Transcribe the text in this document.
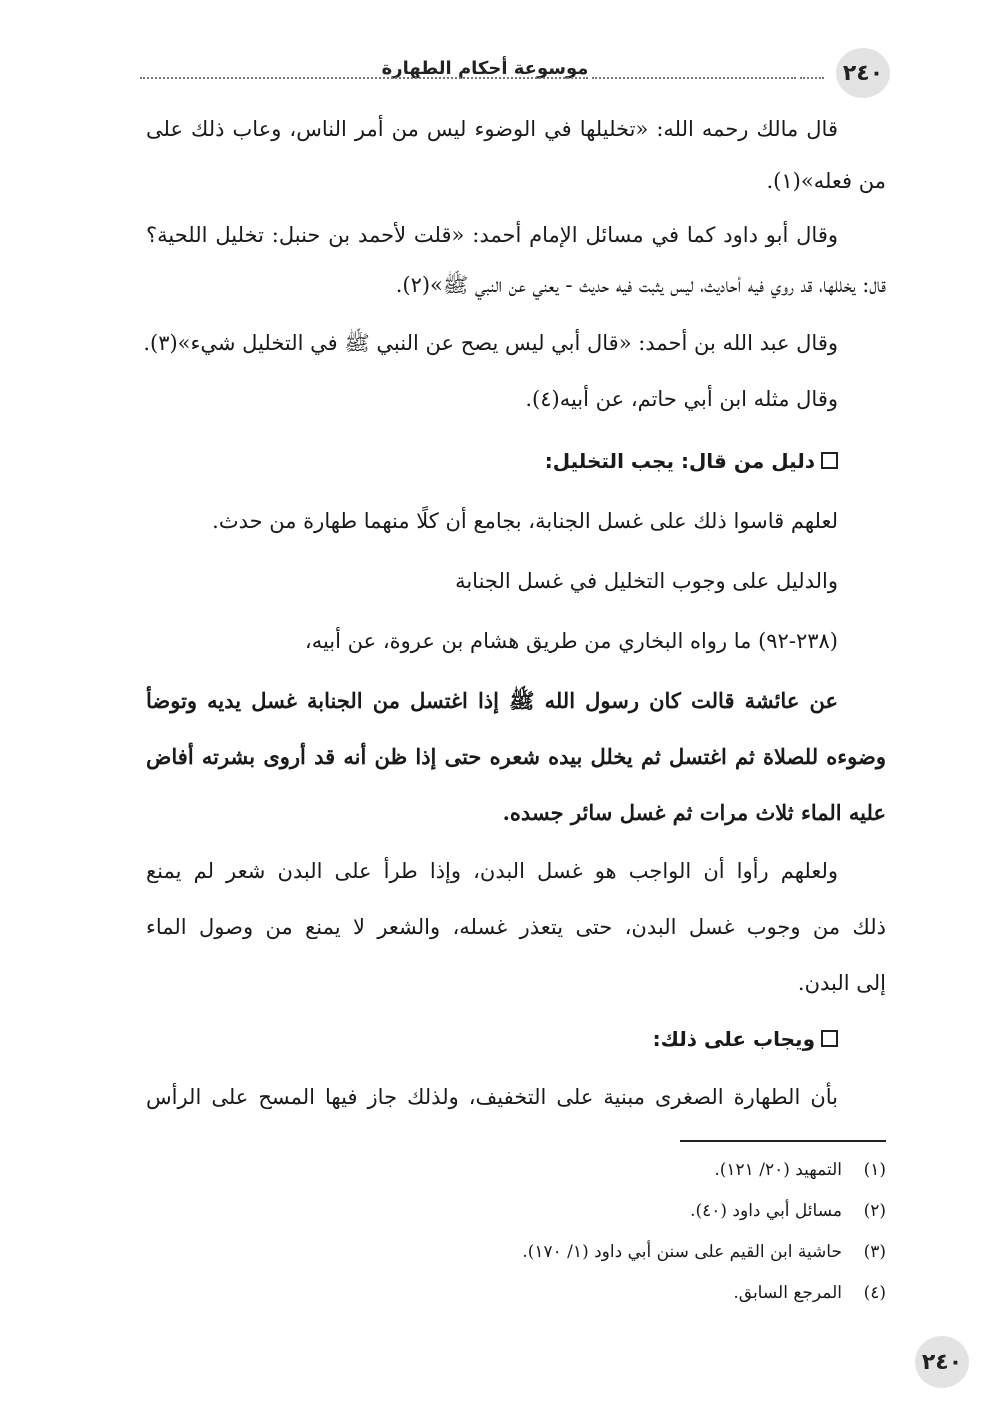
٢٤٠
موسوعة أحكام الطهارة
قال مالك رحمه الله: «تخليلها في الوضوء ليس من أمر الناس، وعاب ذلك على
من فعله»(١).
وقال أبو داود كما في مسائل الإمام أحمد: «قلت لأحمد بن حنبل: تخليل اللحية؟
قال: يخللها، قد روي فيه أحاديث، ليس يثبت فيه حديث - يعني عن النبي ﷺ»(٢).
وقال عبد الله بن أحمد: «قال أبي ليس يصح عن النبي ﷺ في التخليل شيء»(٣).
وقال مثله ابن أبي حاتم، عن أبيه(٤).
دليل من قال: يجب التخليل:
لعلهم قاسوا ذلك على غسل الجنابة، بجامع أن كلًا منهما طهارة من حدث.
والدليل على وجوب التخليل في غسل الجنابة
(٢٣٨-٩٢) ما رواه البخاري من طريق هشام بن عروة، عن أبيه،
عن عائشة قالت كان رسول الله ﷺ إذا اغتسل من الجنابة غسل يديه وتوضأ
وضوءه للصلاة ثم اغتسل ثم يخلل بيده شعره حتى إذا ظن أنه قد أروى بشرته أفاض
عليه الماء ثلاث مرات ثم غسل سائر جسده.
ولعلهم رأوا أن الواجب هو غسل البدن، وإذا طرأ على البدن شعر لم يمنع
ذلك من وجوب غسل البدن، حتى يتعذر غسله، والشعر لا يمنع من وصول الماء
إلى البدن.
ويجاب على ذلك:
بأن الطهارة الصغرى مبنية على التخفيف، ولذلك جاز فيها المسح على الرأس
(١)التمهيد (٢٠/ ١٢١).
(٢)مسائل أبي داود (٤٠).
(٣)حاشية ابن القيم على سنن أبي داود (١/ ١٧٠).
(٤)المرجع السابق.
٢٤٠
